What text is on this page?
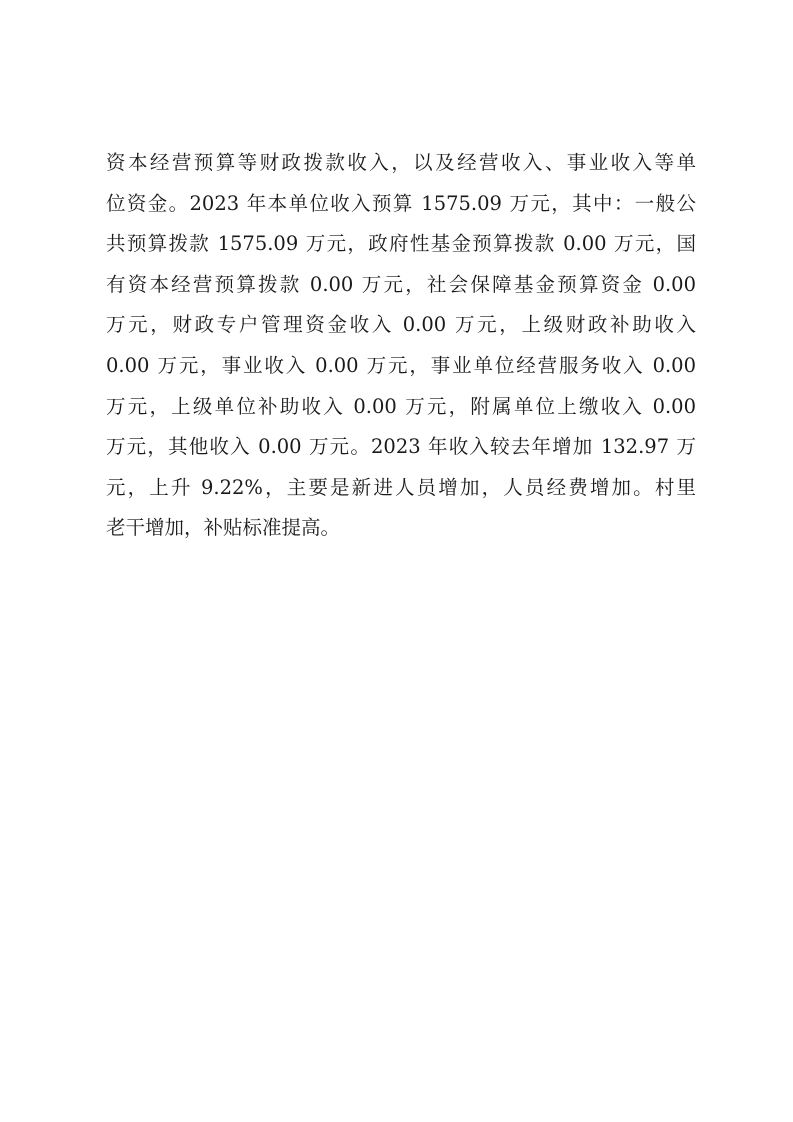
资本经营预算等财政拨款收入，以及经营收入、事业收入等单
位资金。2023 年本单位收入预算 1575.09 万元，其中：一般公
共预算拨款 1575.09 万元，政府性基金预算拨款 0.00 万元，国
有资本经营预算拨款 0.00 万元，社会保障基金预算资金 0.00
万元，财政专户管理资金收入 0.00 万元，上级财政补助收入
0.00 万元，事业收入 0.00 万元，事业单位经营服务收入 0.00
万元，上级单位补助收入 0.00 万元，附属单位上缴收入 0.00
万元，其他收入 0.00 万元。2023 年收入较去年增加 132.97 万
元，上升 9.22%，主要是新进人员增加，人员经费增加。村里
老干增加，补贴标准提高。
